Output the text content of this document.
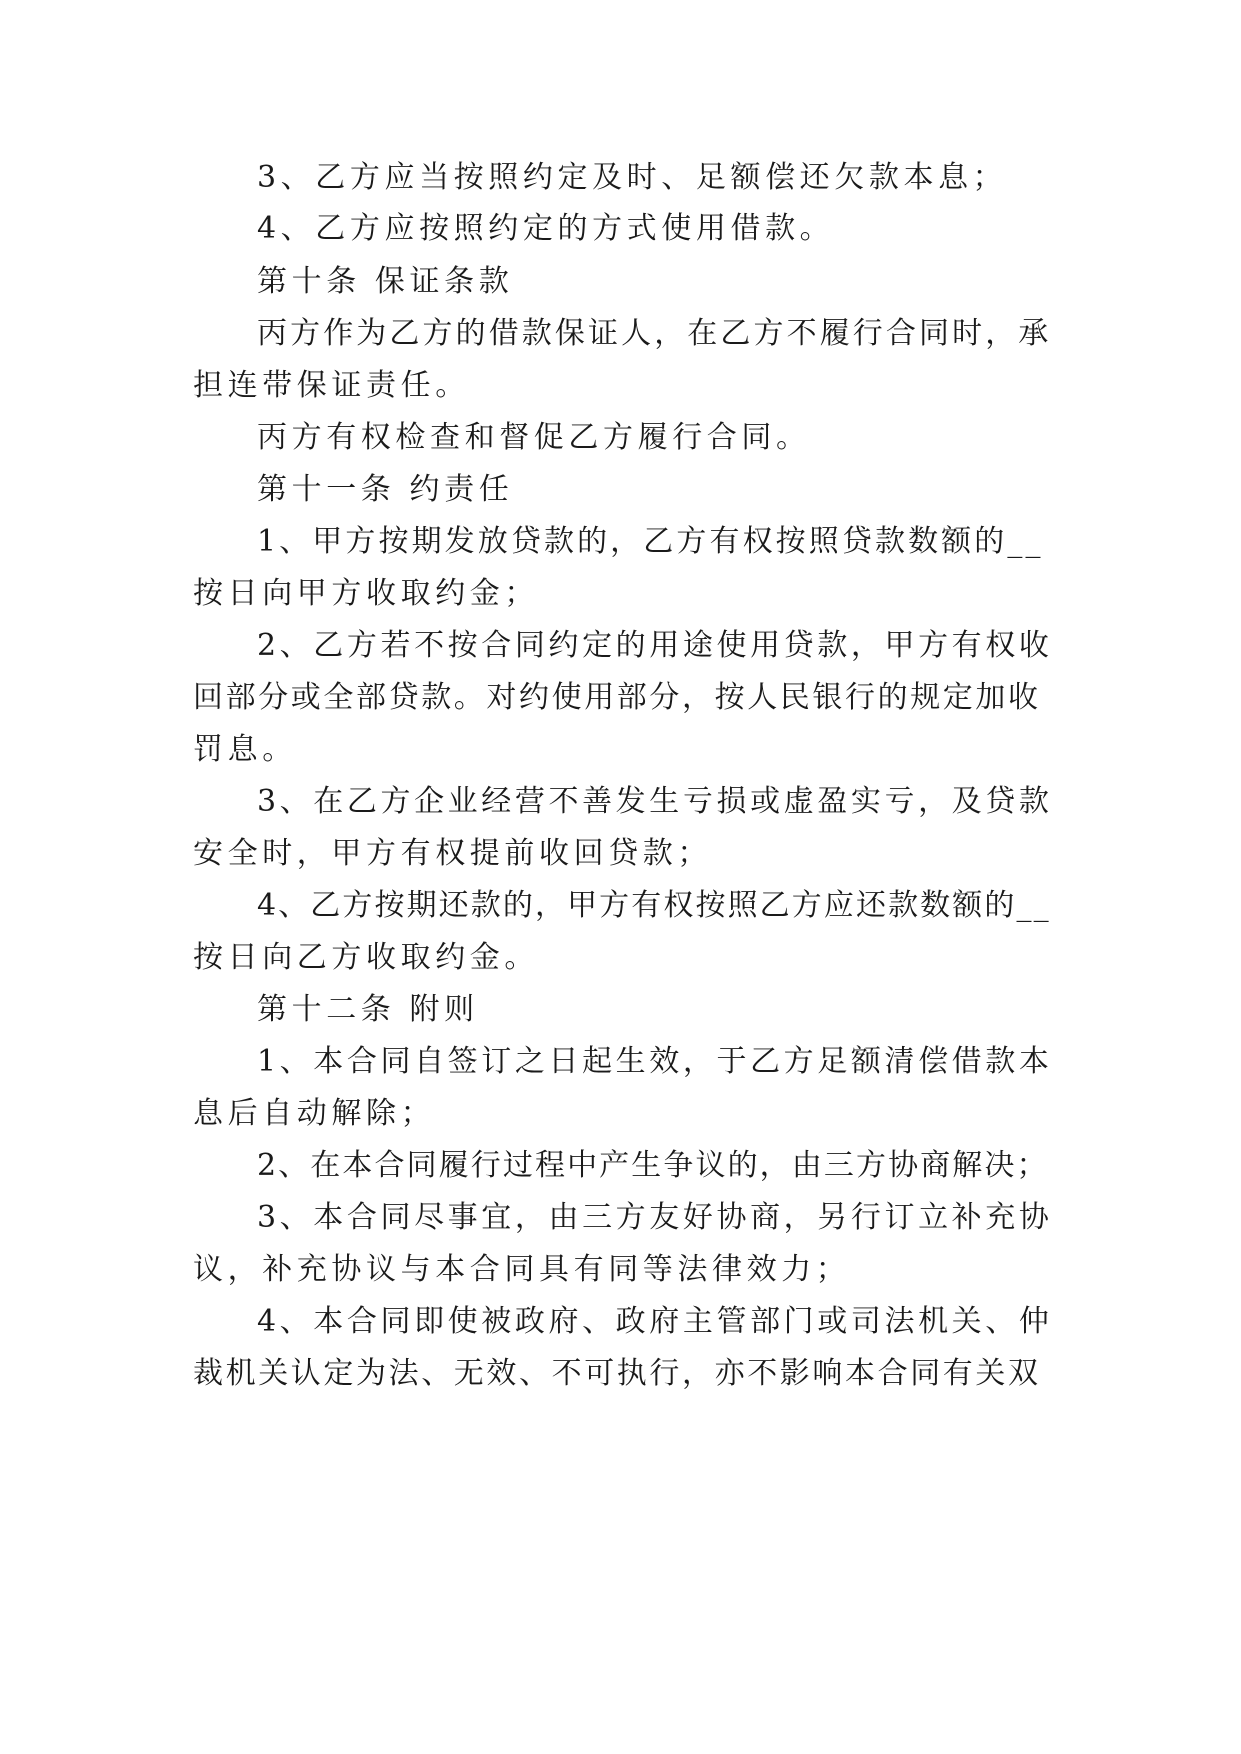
3、乙方应当按照约定及时、足额偿还欠款本息；
4、乙方应按照约定的方式使用借款。
第十条 保证条款
丙方作为乙方的借款保证人，在乙方不履行合同时，承
担连带保证责任。
丙方有权检查和督促乙方履行合同。
第十一条 约责任
1、甲方按期发放贷款的，乙方有权按照贷款数额的__
按日向甲方收取约金；
2、乙方若不按合同约定的用途使用贷款，甲方有权收
回部分或全部贷款。对约使用部分，按人民银行的规定加收
罚息。
3、在乙方企业经营不善发生亏损或虚盈实亏，及贷款
安全时，甲方有权提前收回贷款；
4、乙方按期还款的，甲方有权按照乙方应还款数额的__
按日向乙方收取约金。
第十二条 附则
1、本合同自签订之日起生效，于乙方足额清偿借款本
息后自动解除；
2、在本合同履行过程中产生争议的，由三方协商解决；
3、本合同尽事宜，由三方友好协商，另行订立补充协
议，补充协议与本合同具有同等法律效力；
4、本合同即使被政府、政府主管部门或司法机关、仲
裁机关认定为法、无效、不可执行，亦不影响本合同有关双
